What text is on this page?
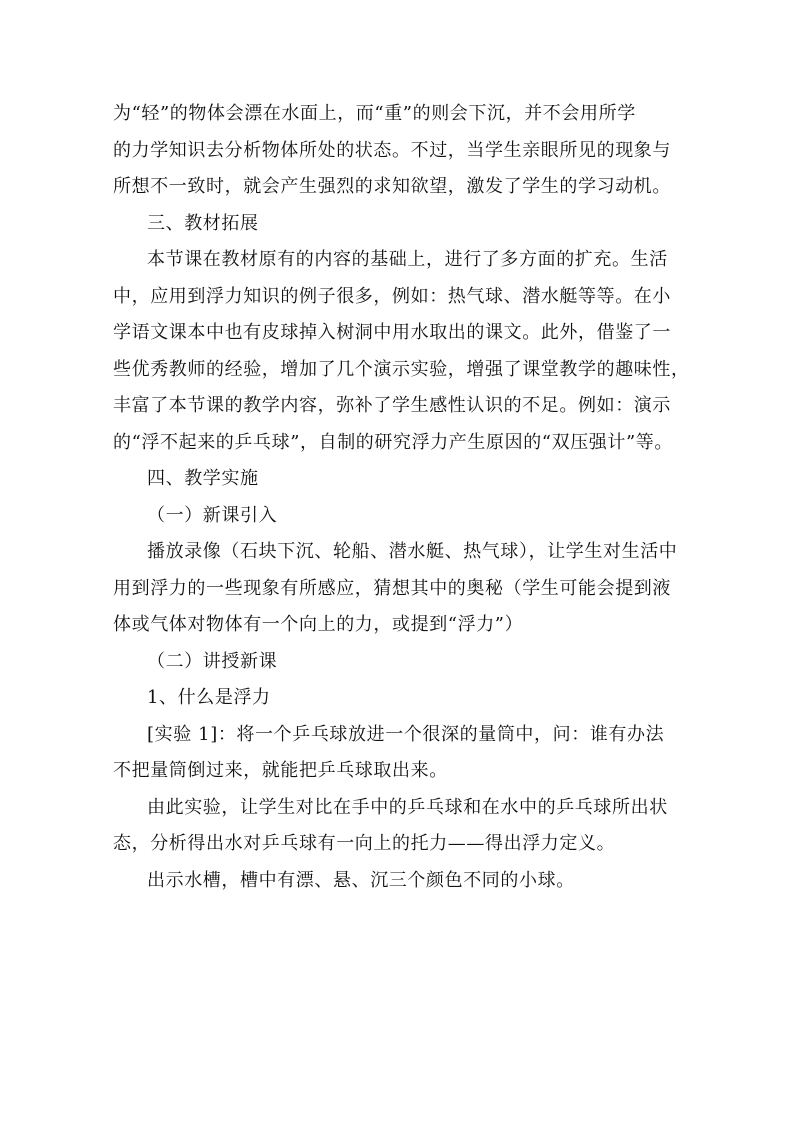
为“轻”的物体会漂在水面上，而“重”的则会下沉，并不会用所学
的力学知识去分析物体所处的状态。不过，当学生亲眼所见的现象与
所想不一致时，就会产生强烈的求知欲望，激发了学生的学习动机。
三、教材拓展
本节课在教材原有的内容的基础上，进行了多方面的扩充。生活
中，应用到浮力知识的例子很多，例如：热气球、潜水艇等等。在小
学语文课本中也有皮球掉入树洞中用水取出的课文。此外，借鉴了一
些优秀教师的经验，增加了几个演示实验，增强了课堂教学的趣味性，
丰富了本节课的教学内容，弥补了学生感性认识的不足。例如：演示
的“浮不起来的乒乓球”，自制的研究浮力产生原因的“双压强计”等。
四、教学实施
（一）新课引入
播放录像（石块下沉、轮船、潜水艇、热气球），让学生对生活中
用到浮力的一些现象有所感应，猜想其中的奥秘（学生可能会提到液
体或气体对物体有一个向上的力，或提到“浮力”）
（二）讲授新课
1、什么是浮力
[实验 1]：将一个乒乓球放进一个很深的量筒中，问：谁有办法
不把量筒倒过来，就能把乒乓球取出来。
由此实验，让学生对比在手中的乒乓球和在水中的乒乓球所出状
态，分析得出水对乒乓球有一向上的托力——得出浮力定义。
出示水槽，槽中有漂、悬、沉三个颜色不同的小球。
